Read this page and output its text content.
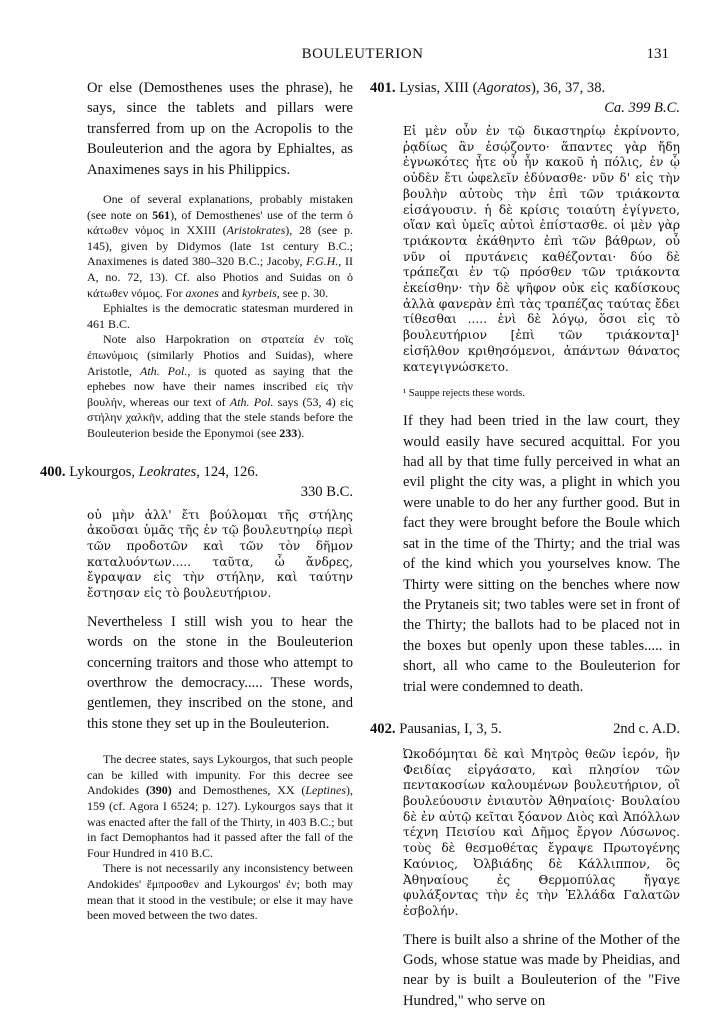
BOULEUTERION	131

Or else (Demosthenes uses the phrase), he says, since the tablets and pillars were transferred from up on the Acropolis to the Bouleuterion and the agora by Ephialtes, as Anaximenes says in his Philippics.

One of several explanations, probably mistaken (see note on 561), of Demosthenes' use of the term ὁ κάτωθεν νόμος in XXIII (Aristokrates), 28 (see p. 145), given by Didymos (late 1st century B.C.; Anaximenes is dated 380–320 B.C.; Jacoby, F.G.H., II A, no. 72, 13). Cf. also Photios and Suidas on ὁ κάτωθεν νόμος. For axones and kyrbeis, see p. 30.

Ephialtes is the democratic statesman murdered in 461 B.C.

Note also Harpokration on στρατεία ἐν τοῖς ἐπωνύμοις (similarly Photios and Suidas), where Aristotle, Ath. Pol., is quoted as saying that the ephebes now have their names inscribed εἰς τὴν βουλήν, whereas our text of Ath. Pol. says (53, 4) εἰς στήλην χαλκῆν, adding that the stele stands before the Bouleuterion beside the Eponymoi (see 233).

400. Lykourgos, Leokrates, 124, 126.

330 B.C.

οὐ μὴν ἀλλ' ἔτι βούλομαι τῆς στήλης ἀκοῦσαι ὑμᾶς τῆς ἐν τῷ βουλευτηρίῳ περὶ τῶν προδοτῶν καὶ τῶν τὸν δῆμον καταλυόντων..... ταῦτα, ὦ ἄνδρες, ἔγραψαν εἰς τὴν στήλην, καὶ ταύτην ἔστησαν εἰς τὸ βουλευτήριον.

Nevertheless I still wish you to hear the words on the stone in the Bouleuterion concerning traitors and those who attempt to overthrow the democracy..... These words, gentlemen, they inscribed on the stone, and this stone they set up in the Bouleuterion.

The decree states, says Lykourgos, that such people can be killed with impunity. For this decree see Andokides (390) and Demosthenes, XX (Leptines), 159 (cf. Agora I 6524; p. 127). Lykourgos says that it was enacted after the fall of the Thirty, in 403 B.C.; but in fact Demophantos had it passed after the fall of the Four Hundred in 410 B.C.

There is not necessarily any inconsistency between Andokides' ἔμπροσθεν and Lykourgos' ἐν; both may mean that it stood in the vestibule; or else it may have been moved between the two dates.

401. Lysias, XIII (Agoratos), 36, 37, 38.

Ca. 399 B.C.

Εἰ μὲν οὖν ἐν τῷ δικαστηρίῳ ἐκρίνοντο, ῥᾳδίως ἂν ἐσῴζοντο· ἅπαντες γὰρ ἤδη ἐγνωκότες ἦτε οὗ ἦν κακοῦ ἡ πόλις, ἐν ᾧ οὐδὲν ἔτι ὠφελεῖν ἐδύνασθε· νῦν δ' εἰς τὴν βουλὴν αὐτοὺς τὴν ἐπὶ τῶν τριάκοντα εἰσάγουσιν. ἡ δὲ κρίσις τοιαύτη ἐγίγνετο, οἵαν καὶ ὑμεῖς αὐτοὶ ἐπίστασθε. οἱ μὲν γὰρ τριάκοντα ἐκάθηντο ἐπὶ τῶν βάθρων, οὗ νῦν οἱ πρυτάνεις καθέζονται· δύο δὲ τράπεζαι ἐν τῷ πρόσθεν τῶν τριάκοντα ἐκείσθην· τὴν δὲ ψῆφον οὐκ εἰς καδίσκους ἀλλὰ φανερὰν ἐπὶ τὰς τραπέζας ταύτας ἔδει τίθεσθαι ..... ἑνὶ δὲ λόγῳ, ὅσοι εἰς τὸ βουλευτήριον [ἐπὶ τῶν τριάκοντα]¹ εἰσῆλθον κριθησόμενοι, ἁπάντων θάνατος κατεγιγνώσκετο.

¹ Sauppe rejects these words.

If they had been tried in the law court, they would easily have secured acquittal. For you had all by that time fully perceived in what an evil plight the city was, a plight in which you were unable to do her any further good. But in fact they were brought before the Boule which sat in the time of the Thirty; and the trial was of the kind which you yourselves know. The Thirty were sitting on the benches where now the Prytaneis sit; two tables were set in front of the Thirty; the ballots had to be placed not in the boxes but openly upon these tables..... in short, all who came to the Bouleuterion for trial were condemned to death.

402. Pausanias, I, 3, 5.	2nd c. A.D.

Ὠκοδόμηται δὲ καὶ Μητρὸς θεῶν ἱερόν, ἣν Φειδίας εἰργάσατο, καὶ πλησίον τῶν πεντακοσίων καλουμένων βουλευτήριον, οἳ βουλεύουσιν ἐνιαυτὸν Ἀθηναίοις· Βουλαίου δὲ ἐν αὐτῷ κεῖται ξόανον Διὸς καὶ Ἀπόλλων τέχνη Πεισίου καὶ Δῆμος ἔργον Λύσωνος. τοὺς δὲ θεσμοθέτας ἔγραψε Πρωτογένης Καύνιος, Ὀλβιάδης δὲ Κάλλιππον, ὃς Ἀθηναίους ἐς Θερμοπύλας ἤγαγε φυλάξοντας τὴν ἐς τὴν Ἑλλάδα Γαλατῶν ἐσβολήν.

There is built also a shrine of the Mother of the Gods, whose statue was made by Pheidias, and near by is built a Bouleuterion of the "Five Hundred," who serve on
